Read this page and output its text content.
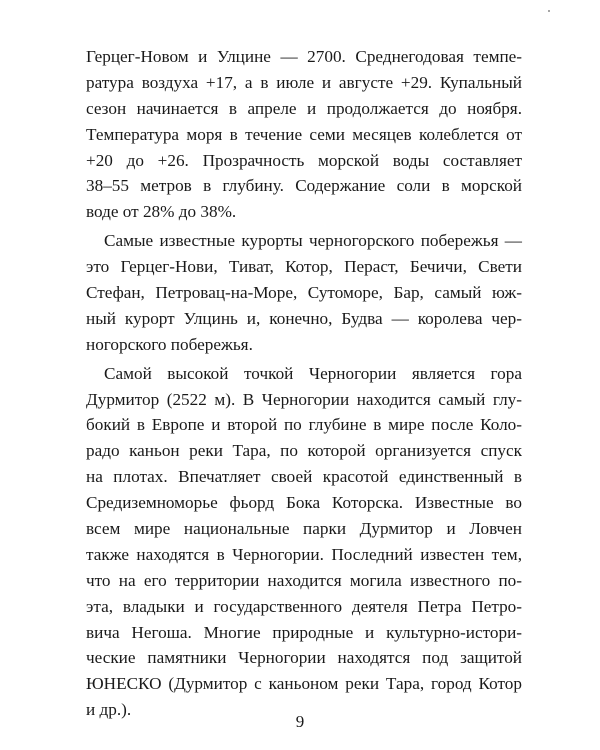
Герцег-Новом и Улцине — 2700. Среднегодовая темпе-
ратура воздуха +17, а в июле и августе +29. Купальный
сезон начинается в апреле и продолжается до ноября.
Температура моря в течение семи месяцев колеблется от
+20 до +26. Прозрачность морской воды составляет
38–55 метров в глубину. Содержание соли в морской
воде от 28% до 38%.
Самые известные курорты черногорского побережья —
это Герцег-Нови, Тиват, Котор, Пераст, Бечичи, Свети
Стефан, Петровац-на-Море, Сутоморе, Бар, самый юж-
ный курорт Улцинь и, конечно, Будва — королева чер-
ногорского побережья.
Самой высокой точкой Черногории является гора
Дурмитор (2522 м). В Черногории находится самый глу-
бокий в Европе и второй по глубине в мире после Коло-
радо каньон реки Тара, по которой организуется спуск
на плотах. Впечатляет своей красотой единственный в
Средиземноморье фьорд Бока Которска. Известные во
всем мире национальные парки Дурмитор и Ловчен
также находятся в Черногории. Последний известен тем,
что на его территории находится могила известного по-
эта, владыки и государственного деятеля Петра Петро-
вича Негоша. Многие природные и культурно-истори-
ческие памятники Черногории находятся под защитой
ЮНЕСКО (Дурмитор с каньоном реки Тара, город Котор
и др.).
9
